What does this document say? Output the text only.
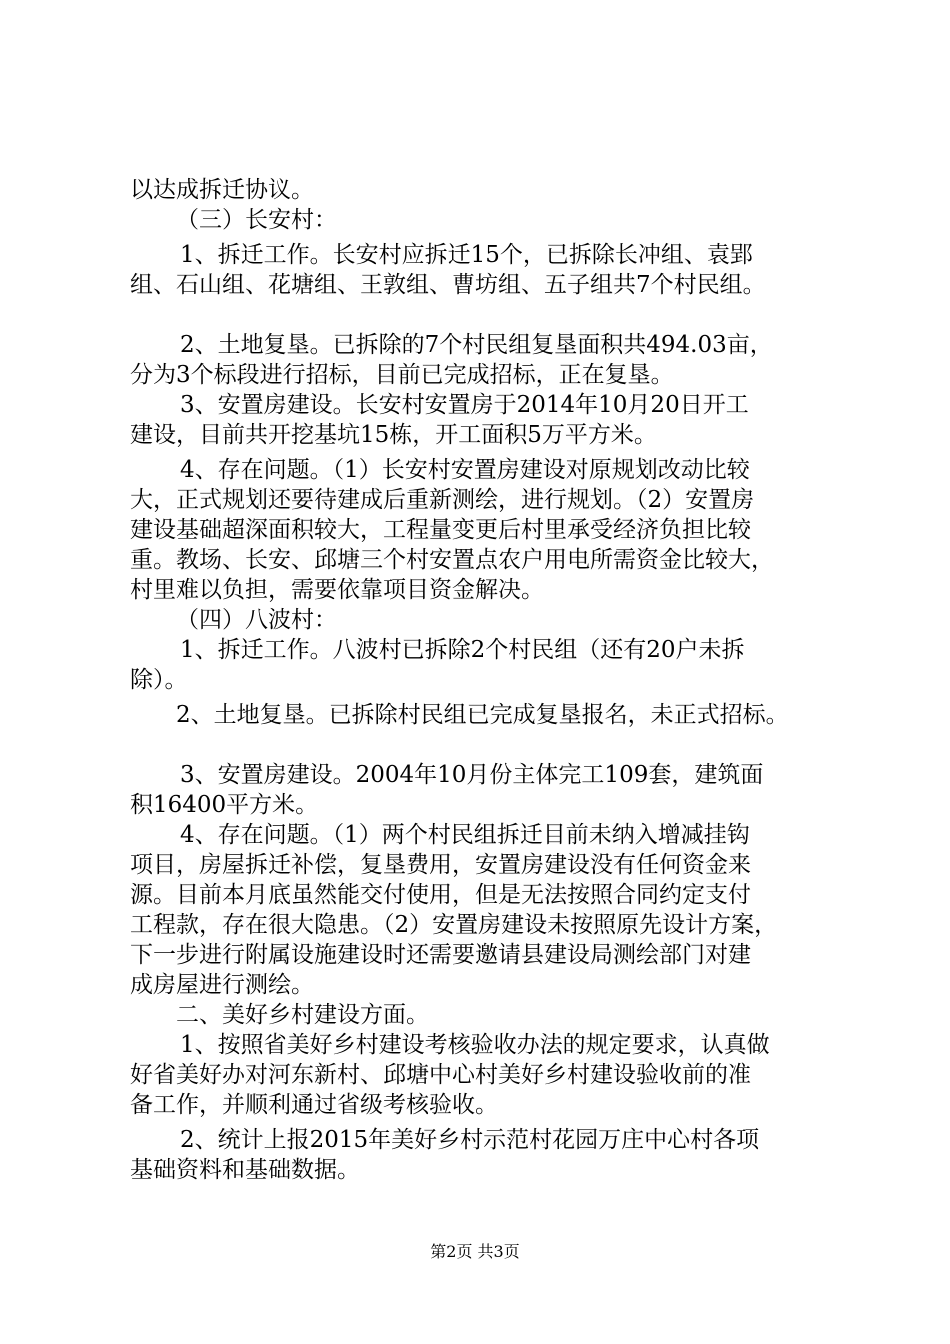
以达成拆迁协议。
（三）长安村：
1、拆迁工作。长安村应拆迁15个，已拆除长冲组、袁郢
组、石山组、花塘组、王敦组、曹坊组、五子组共7个村民组。
2、土地复垦。已拆除的7个村民组复垦面积共494.03亩，
分为3个标段进行招标，目前已完成招标，正在复垦。
3、安置房建设。长安村安置房于2014年10月20日开工
建设，目前共开挖基坑15栋，开工面积5万平方米。
4、存在问题。（1）长安村安置房建设对原规划改动比较
大，正式规划还要待建成后重新测绘，进行规划。（2）安置房
建设基础超深面积较大，工程量变更后村里承受经济负担比较
重。教场、长安、邱塘三个村安置点农户用电所需资金比较大，
村里难以负担，需要依靠项目资金解决。
（四）八波村：
1、拆迁工作。八波村已拆除2个村民组（还有20户未拆
除）。
2、土地复垦。已拆除村民组已完成复垦报名，未正式招标。
3、安置房建设。2004年10月份主体完工109套，建筑面
积16400平方米。
4、存在问题。（1）两个村民组拆迁目前未纳入增减挂钩
项目，房屋拆迁补偿，复垦费用，安置房建设没有任何资金来
源。目前本月底虽然能交付使用，但是无法按照合同约定支付
工程款，存在很大隐患。（2）安置房建设未按照原先设计方案，
下一步进行附属设施建设时还需要邀请县建设局测绘部门对建
成房屋进行测绘。
二、美好乡村建设方面。
1、按照省美好乡村建设考核验收办法的规定要求，认真做
好省美好办对河东新村、邱塘中心村美好乡村建设验收前的准
备工作，并顺利通过省级考核验收。
2、统计上报2015年美好乡村示范村花园万庄中心村各项
基础资料和基础数据。
第2页 共3页
